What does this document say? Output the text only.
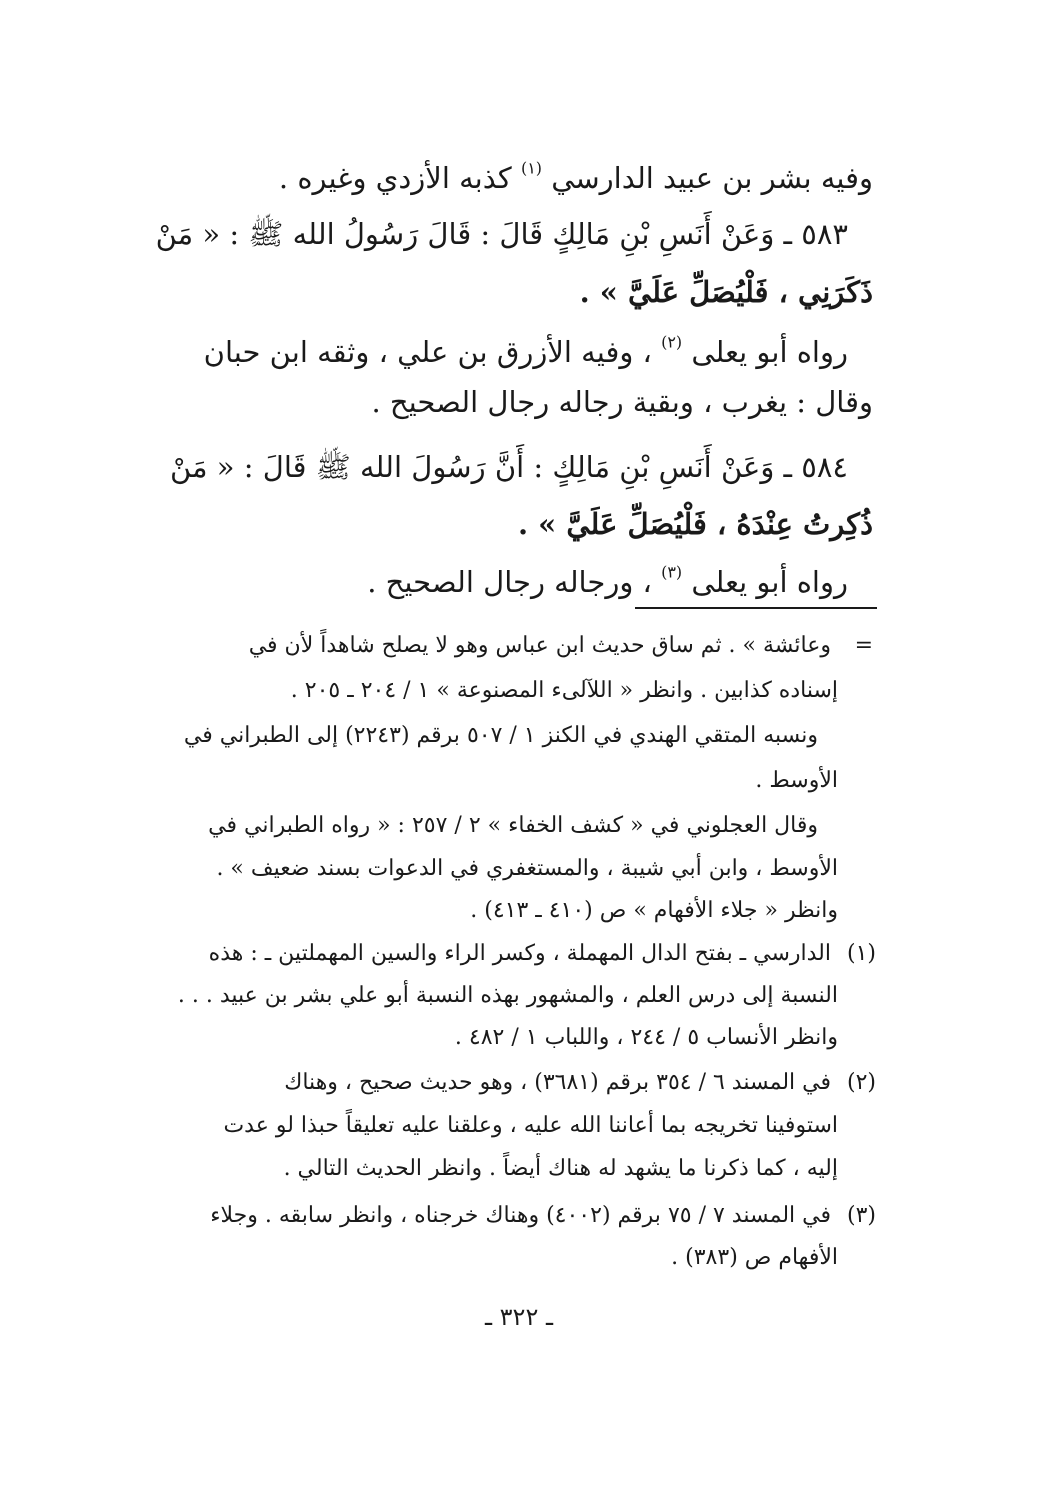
وفيه بشر بن عبيد الدارسي $^{(١)}$ كذبه الأزدي وغيره .
٥٨٣ ـ وَعَنْ أَنَسِ بْنِ مَالِكٍ قَالَ : قَالَ رَسُولُ الله ﷺ : « مَنْ
ذَكَرَنِي ، فَلْيُصَلِّ عَلَيَّ » .
رواه أبو يعلى $^{(٢)}$ ، وفيه الأزرق بن علي ، وثقه ابن حبان
وقال : يغرب ، وبقية رجاله رجال الصحيح .
٥٨٤ ـ وَعَنْ أَنَسِ بْنِ مَالِكٍ : أَنَّ رَسُولَ الله ﷺ قَالَ : « مَنْ
ذُكِرتُ عِنْدَهُ ، فَلْيُصَلِّ عَلَيَّ » .
رواه أبو يعلى $^{(٣)}$ ، ورجاله رجال الصحيح .
= وعائشة » . ثم ساق حديث ابن عباس وهو لا يصلح شاهداً لأن في
إسناده كذابين . وانظر « اللآلىء المصنوعة » ١ / ٢٠٤ ـ ٢٠٥ .
ونسبه المتقي الهندي في الكنز ١ / ٥٠٧ برقم (٢٢٤٣) إلى الطبراني في
الأوسط .
وقال العجلوني في « كشف الخفاء » ٢ / ٢٥٧ : « رواه الطبراني في
الأوسط ، وابن أبي شيبة ، والمستغفري في الدعوات بسند ضعيف » .
وانظر « جلاء الأفهام » ص (٤١٠ ـ ٤١٣) .
(١) الدارسي ـ بفتح الدال المهملة ، وكسر الراء والسين المهملتين ـ : هذه
النسبة إلى درس العلم ، والمشهور بهذه النسبة أبو علي بشر بن عبيد . . .
وانظر الأنساب ٥ / ٢٤٤ ، واللباب ١ / ٤٨٢ .
(٢) في المسند ٦ / ٣٥٤ برقم (٣٦٨١) ، وهو حديث صحيح ، وهناك
استوفينا تخريجه بما أعاننا الله عليه ، وعلقنا عليه تعليقاً حبذا لو عدت
إليه ، كما ذكرنا ما يشهد له هناك أيضاً . وانظر الحديث التالي .
(٣) في المسند ٧ / ٧٥ برقم (٤٠٠٢) وهناك خرجناه ، وانظر سابقه . وجلاء
الأفهام ص (٣٨٣) .
ـ ٣٢٢ ـ
